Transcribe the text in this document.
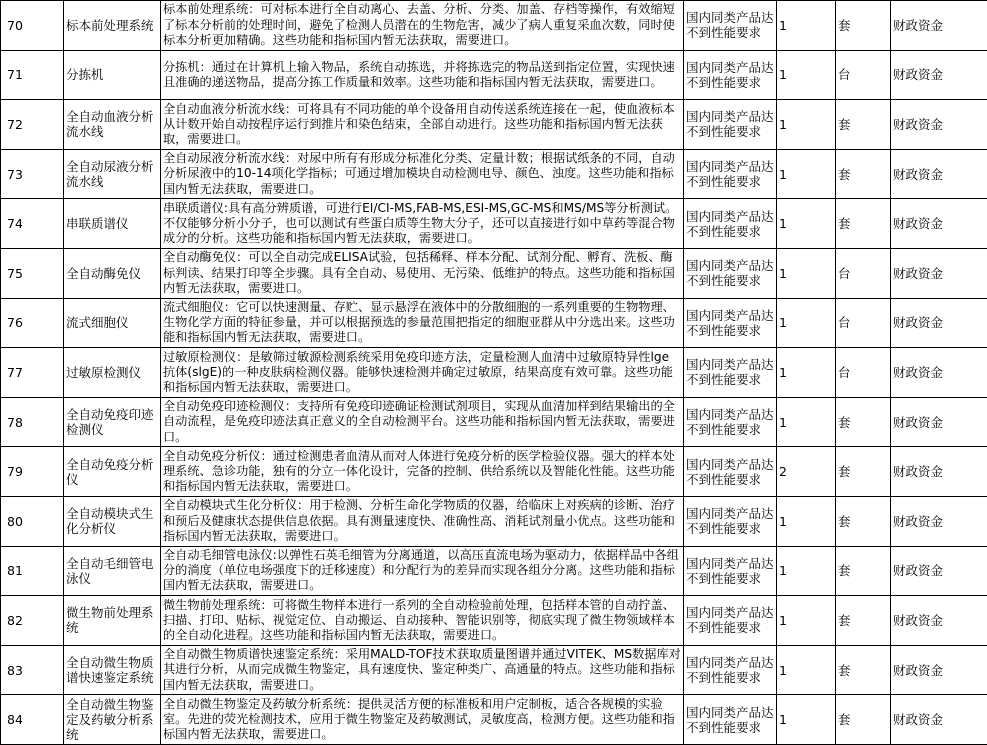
70	标本前处理系统	标本前处理系统：可对标本进行全自动离心、去盖、分析、分类、加盖、存档等操作，有效缩短了标本分析前的处理时间，避免了检测人员潜在的生物危害，减少了病人重复采血次数，同时使标本分析更加精确。这些功能和指标国内暂无法获取，需要进口。	国内同类产品达不到性能要求	1	套	财政资金

71	分拣机	分拣机：通过在计算机上输入物品，系统自动拣选，并将拣选完的物品送到指定位置，实现快速且准确的递送物品，提高分拣工作质量和效率。这些功能和指标国内暂无法获取，需要进口。	国内同类产品达不到性能要求	1	台	财政资金

72	全自动血液分析流水线	全自动血液分析流水线：可将具有不同功能的单个设备用自动传送系统连接在一起，使血液标本从计数开始自动按程序运行到推片和染色结束，全部自动进行。这些功能和指标国内暂无法获取，需要进口。	国内同类产品达不到性能要求	1	套	财政资金

73	全自动尿液分析流水线	全自动尿液分析流水线：对尿中所有有形成分标准化分类、定量计数；根据试纸条的不同，自动分析尿液中的10-14项化学指标；可通过增加模块自动检测电导、颜色、浊度。这些功能和指标国内暂无法获取，需要进口。	国内同类产品达不到性能要求	1	套	财政资金

74	串联质谱仪	串联质谱仪:具有高分辨质谱，可进行EI/CI-MS,FAB-MS,ESI-MS,GC-MS和MS/MS等分析测试。不仅能够分析小分子，也可以测试有些蛋白质等生物大分子，还可以直接进行如中草药等混合物成分的分析。这些功能和指标国内暂无法获取，需要进口。	国内同类产品达不到性能要求	1	套	财政资金

75	全自动酶免仪	全自动酶免仪：可以全自动完成ELISA试验，包括稀释、样本分配、试剂分配、孵育、洗板、酶标判读、结果打印等全步骤。具有全自动、易使用、无污染、低维护的特点。这些功能和指标国内暂无法获取，需要进口。	国内同类产品达不到性能要求	1	台	财政资金

76	流式细胞仪	流式细胞仪：它可以快速测量、存贮、显示悬浮在液体中的分散细胞的一系列重要的生物物理、生物化学方面的特征参量，并可以根据预选的参量范围把指定的细胞亚群从中分选出来。这些功能和指标国内暂无法获取，需要进口。	国内同类产品达不到性能要求	1	台	财政资金

77	过敏原检测仪	过敏原检测仪：是敏筛过敏源检测系统采用免疫印迹方法，定量检测人血清中过敏原特异性lge抗体(slgE)的一种皮肤病检测仪器。能够快速检测并确定过敏原，结果高度有效可靠。这些功能和指标国内暂无法获取，需要进口。	国内同类产品达不到性能要求	1	台	财政资金

78	全自动免疫印迹检测仪	全自动免疫印迹检测仪：支持所有免疫印迹确证检测试剂项目，实现从血清加样到结果输出的全自动流程，是免疫印迹法真正意义的全自动检测平台。这些功能和指标国内暂无法获取，需要进口。	国内同类产品达不到性能要求	1	套	财政资金

79	全自动免疫分析仪	全自动免疫分析仪：通过检测患者血清从而对人体进行免疫分析的医学检验仪器。强大的样本处理系统、急诊功能，独有的分立一体化设计，完备的控制、供给系统以及智能化性能。这些功能和指标国内暂无法获取，需要进口。	国内同类产品达不到性能要求	2	套	财政资金

80	全自动模块式生化分析仪	全自动模块式生化分析仪：用于检测、分析生命化学物质的仪器，给临床上对疾病的诊断、治疗和预后及健康状态提供信息依据。具有测量速度快、准确性高、消耗试剂量小优点。这些功能和指标国内暂无法获取，需要进口。	国内同类产品达不到性能要求	1	套	财政资金

81	全自动毛细管电泳仪	全自动毛细管电泳仪:以弹性石英毛细管为分离通道，以高压直流电场为驱动力，依据样品中各组分的淌度（单位电场强度下的迁移速度）和分配行为的差异而实现各组分分离。这些功能和指标国内暂无法获取，需要进口。	国内同类产品达不到性能要求	1	套	财政资金

82	微生物前处理系统	微生物前处理系统：可将微生物样本进行一系列的全自动检验前处理，包括样本管的自动拧盖、扫描、打印、贴标、视觉定位、自动搬运、自动接种、智能识别等，彻底实现了微生物领域样本的全自动化进程。这些功能和指标国内暂无法获取，需要进口。	国内同类产品达不到性能要求	1	套	财政资金

83	全自动微生物质谱快速鉴定系统	全自动微生物质谱快速鉴定系统：采用MALD-TOF技术获取质量图谱并通过VITEK、MS数据库对其进行分析，从而完成微生物鉴定，具有速度快、鉴定种类广、高通量的特点。这些功能和指标国内暂无法获取，需要进口。	国内同类产品达不到性能要求	1	套	财政资金

84	全自动微生物鉴定及药敏分析系统	全自动微生物鉴定及药敏分析系统：提供灵活方便的标准板和用户定制板，适合各规模的实验室。先进的荧光检测技术，应用于微生物鉴定及药敏测试，灵敏度高，检测方便。这些功能和指标国内暂无法获取，需要进口。	国内同类产品达不到性能要求	1	套	财政资金
